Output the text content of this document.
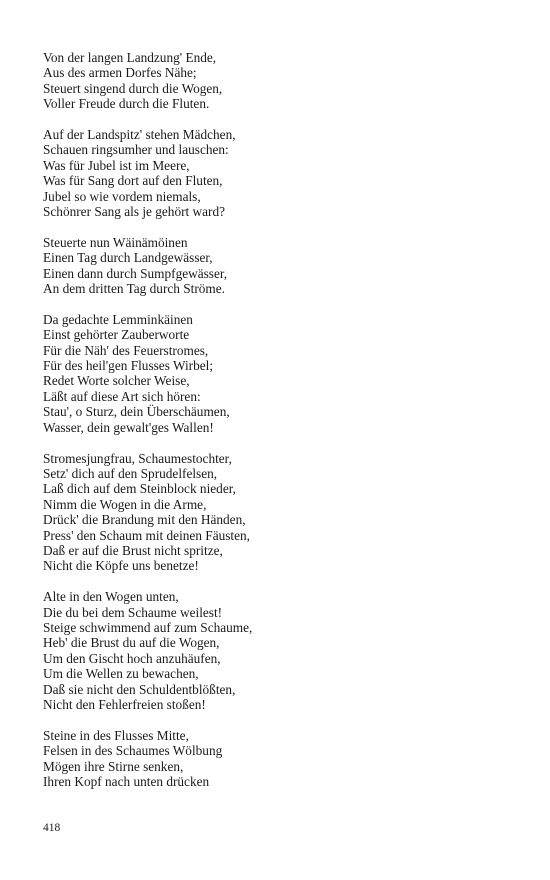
Von der langen Landzung' Ende,
Aus des armen Dorfes Nähe;
Steuert singend durch die Wogen,
Voller Freude durch die Fluten.
Auf der Landspitz' stehen Mädchen,
Schauen ringsumher und lauschen:
Was für Jubel ist im Meere,
Was für Sang dort auf den Fluten,
Jubel so wie vordem niemals,
Schönrer Sang als je gehört ward?
Steuerte nun Wäinämöinen
Einen Tag durch Landgewässer,
Einen dann durch Sumpfgewässer,
An dem dritten Tag durch Ströme.
Da gedachte Lemminkäinen
Einst gehörter Zauberworte
Für die Näh' des Feuerstromes,
Für des heil'gen Flusses Wirbel;
Redet Worte solcher Weise,
Läßt auf diese Art sich hören:
Stau', o Sturz, dein Überschäumen,
Wasser, dein gewalt'ges Wallen!
Stromesjungfrau, Schaumestochter,
Setz' dich auf den Sprudelfelsen,
Laß dich auf dem Steinblock nieder,
Nimm die Wogen in die Arme,
Drück' die Brandung mit den Händen,
Press' den Schaum mit deinen Fäusten,
Daß er auf die Brust nicht spritze,
Nicht die Köpfe uns benetze!
Alte in den Wogen unten,
Die du bei dem Schaume weilest!
Steige schwimmend auf zum Schaume,
Heb' die Brust du auf die Wogen,
Um den Gischt hoch anzuhäufen,
Um die Wellen zu bewachen,
Daß sie nicht den Schuldentblößten,
Nicht den Fehlerfreien stoßen!
Steine in des Flusses Mitte,
Felsen in des Schaumes Wölbung
Mögen ihre Stirne senken,
Ihren Kopf nach unten drücken
418
